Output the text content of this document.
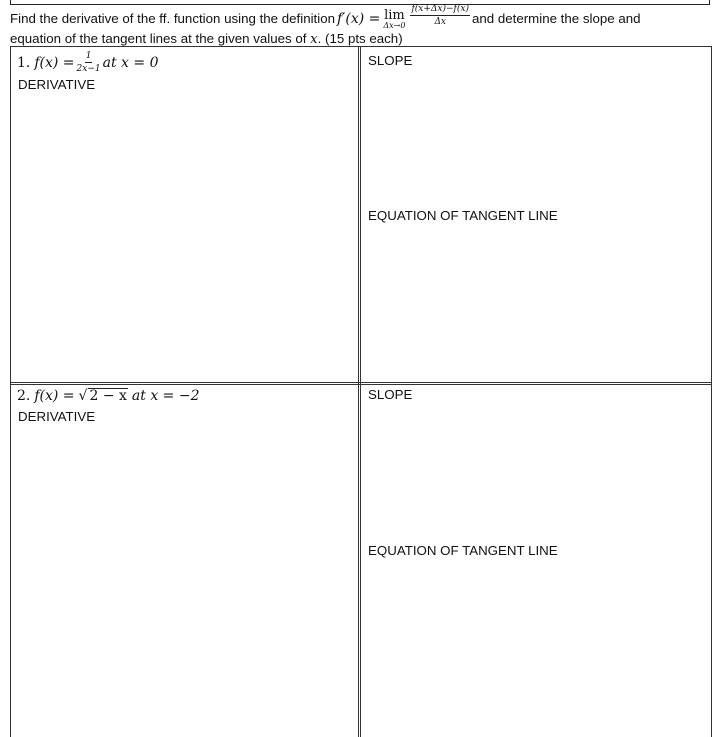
Find the derivative of the ff. function using the definition f′(x) = lim
$\Delta x\to 0 \frac{f(x+\Delta x)-f(x)}{\Delta x}$ and determine the slope and
equation of the tangent lines at the given values of x. (15 pts each)
1. $f(x) = \frac{1}{2x-1}$ at x = 0
DERIVATIVE
SLOPE
EQUATION OF TANGENT LINE
2. f(x) = √ 2 − x at x = −2
DERIVATIVE
SLOPE
EQUATION OF TANGENT LINE
